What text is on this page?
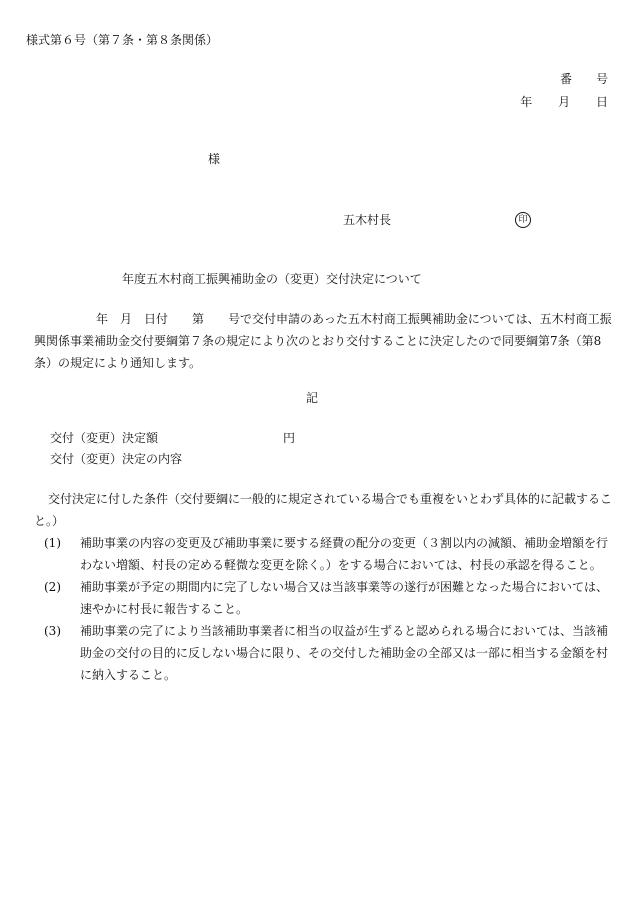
様式第６号（第７条・第８条関係）
番　　号
年 月 日
様
五木村長	印
年度五木村商工振興補助金の（変更）交付決定について
年　月　日付　　第　　号で交付申請のあった五木村商工振興補助金については、五木村商工振興関係事業補助金交付要綱第７条の規定により次のとおり交付することに決定したので同要綱第7条（第8条）の規定により通知します。
記
交付（変更）決定額	円
交付（変更）決定の内容
交付決定に付した条件（交付要綱に一般的に規定されている場合でも重複をいとわず具体的に記載すること。）
(1)	補助事業の内容の変更及び補助事業に要する経費の配分の変更（３割以内の減額、補助金増額を行わない増額、村長の定める軽微な変更を除く。）をする場合においては、村長の承認を得ること。
(2)	補助事業が予定の期間内に完了しない場合又は当該事業等の遂行が困難となった場合においては、速やかに村長に報告すること。
(3)	補助事業の完了により当該補助事業者に相当の収益が生ずると認められる場合においては、当該補助金の交付の目的に反しない場合に限り、その交付した補助金の全部又は一部に相当する金額を村に納入すること。
